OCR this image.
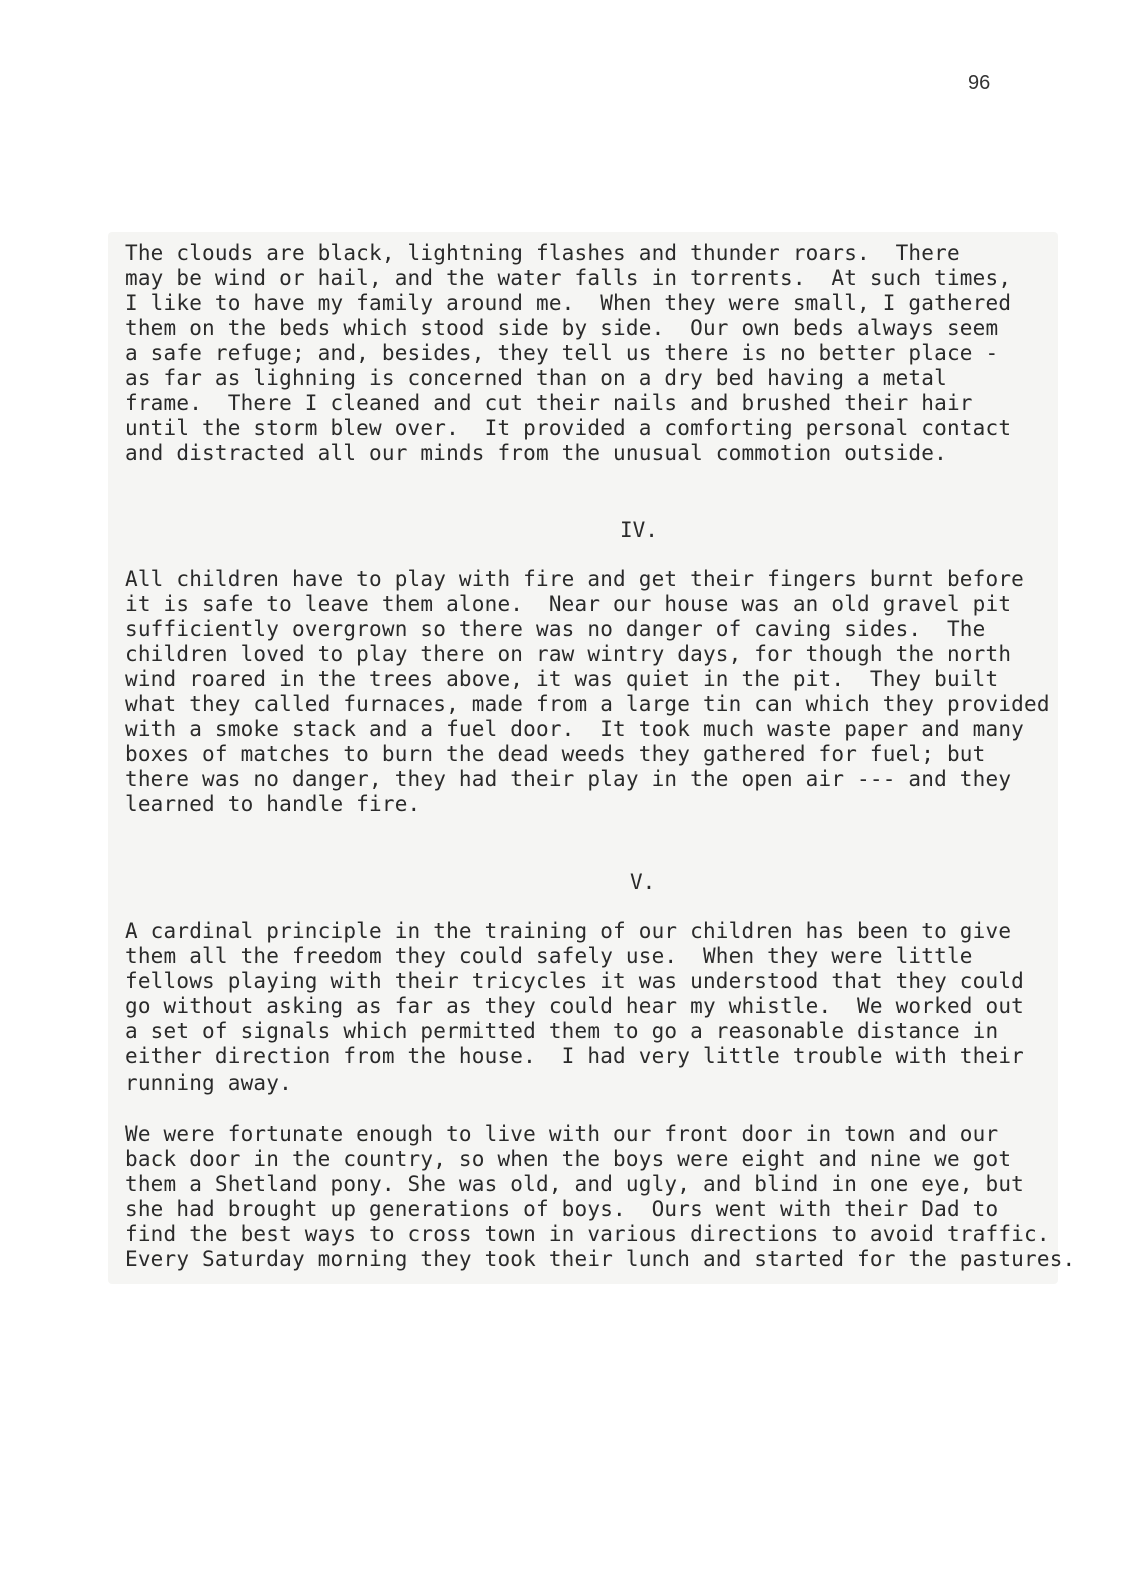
96
The clouds are black, lightning flashes and thunder roars.  There
may be wind or hail, and the water falls in torrents.  At such times,
I like to have my family around me.  When they were small, I gathered
them on the beds which stood side by side.  Our own beds always seem
a safe refuge; and, besides, they tell us there is no better place -
as far as lighning is concerned than on a dry bed having a metal
frame.  There I cleaned and cut their nails and brushed their hair
until the storm blew over.  It provided a comforting personal contact
and distracted all our minds from the unusual commotion outside.
IV.
All children have to play with fire and get their fingers burnt before
it is safe to leave them alone.  Near our house was an old gravel pit
sufficiently overgrown so there was no danger of caving sides.  The
children loved to play there on raw wintry days, for though the north
wind roared in the trees above, it was quiet in the pit.  They built
what they called furnaces, made from a large tin can which they provided
with a smoke stack and a fuel door.  It took much waste paper and many
boxes of matches to burn the dead weeds they gathered for fuel; but
there was no danger, they had their play in the open air --- and they
learned to handle fire.
V.
A cardinal principle in the training of our children has been to give
them all the freedom they could safely use.  When they were little
fellows playing with their tricycles it was understood that they could
go without asking as far as they could hear my whistle.  We worked out
a set of signals which permitted them to go a reasonable distance in
either direction from the house.  I had very little trouble with their
running away.
We were fortunate enough to live with our front door in town and our
back door in the country, so when the boys were eight and nine we got
them a Shetland pony. She was old, and ugly, and blind in one eye, but
she had brought up generations of boys.  Ours went with their Dad to
find the best ways to cross town in various directions to avoid traffic.
Every Saturday morning they took their lunch and started for the pastures.
